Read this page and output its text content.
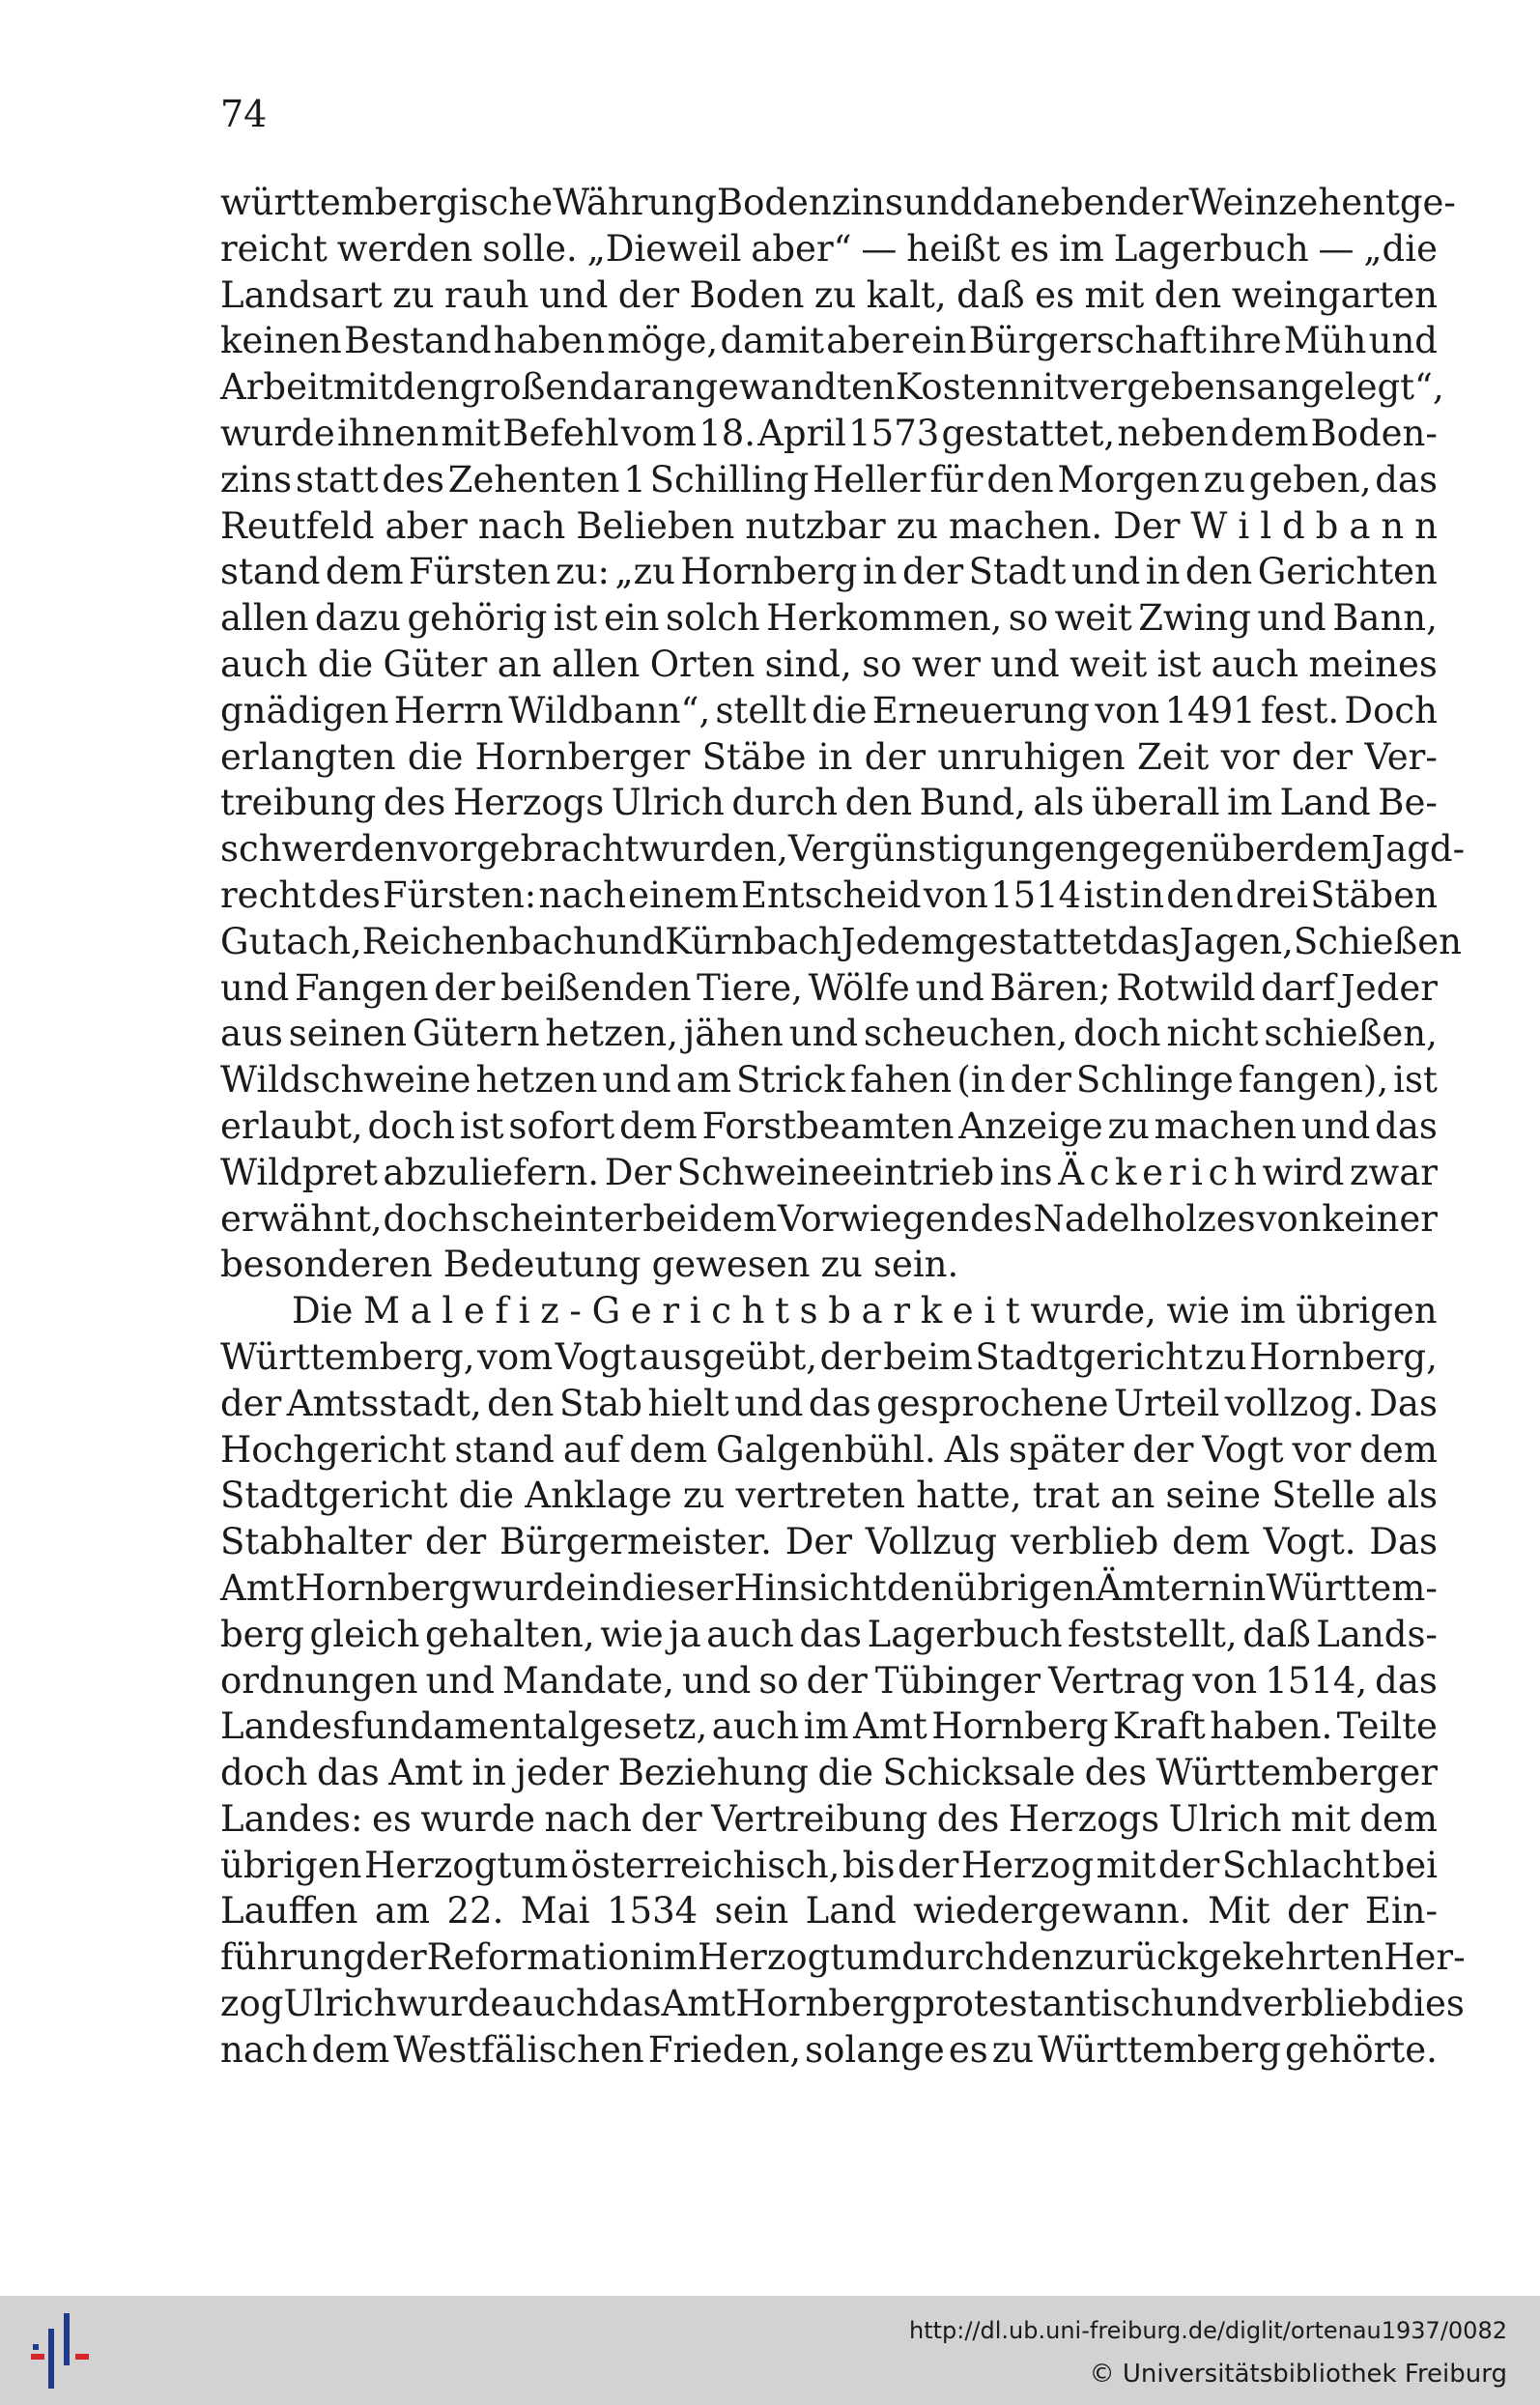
74
württembergische Währung Bodenzins und daneben der Weinzehent ge-
reicht werden solle. „Dieweil aber“ — heißt es im Lagerbuch — „die
Landsart zu rauh und der Boden zu kalt, daß es mit den weingarten
keinen Bestand haben möge, damit aber ein Bürgerschaft ihre Müh und
Arbeit mit den großen daran gewandten Kosten nit vergebens angelegt“,
wurde ihnen mit Befehl vom 18. April 1573 gestattet, neben dem Boden-
zins statt des Zehenten 1 Schilling Heller für den Morgen zu geben, das
Reutfeld aber nach Belieben nutzbar zu machen. Der W i l d b a n n
stand dem Fürsten zu: „zu Hornberg in der Stadt und in den Gerichten
allen dazu gehörig ist ein solch Herkommen, so weit Zwing und Bann,
auch die Güter an allen Orten sind, so wer und weit ist auch meines
gnädigen Herrn Wildbann“, stellt die Erneuerung von 1491 fest. Doch
erlangten die Hornberger Stäbe in der unruhigen Zeit vor der Ver-
treibung des Herzogs Ulrich durch den Bund, als überall im Land Be-
schwerden vorgebracht wurden, Vergünstigungen gegenüber dem Jagd-
recht des Fürsten: nach einem Entscheid von 1514 ist in den drei Stäben
Gutach, Reichenbach und Kürnbach Jedem gestattet das Jagen, Schießen
und Fangen der beißenden Tiere, Wölfe und Bären; Rotwild darf Jeder
aus seinen Gütern hetzen, jähen und scheuchen, doch nicht schießen,
Wildschweine hetzen und am Strick fahen (in der Schlinge fangen), ist
erlaubt, doch ist sofort dem Forstbeamten Anzeige zu machen und das
Wildpret abzuliefern. Der Schweineeintrieb ins Ä c k e r i c h wird zwar
erwähnt, doch scheint er bei dem Vorwiegen des Nadelholzes von keiner
besonderen Bedeutung gewesen zu sein.
Die M a l e f i z - G e r i c h t s b a r k e i t wurde, wie im übrigen
Württemberg, vom Vogt ausgeübt, der beim Stadtgericht zu Hornberg,
der Amtsstadt, den Stab hielt und das gesprochene Urteil vollzog. Das
Hochgericht stand auf dem Galgenbühl. Als später der Vogt vor dem
Stadtgericht die Anklage zu vertreten hatte, trat an seine Stelle als
Stabhalter der Bürgermeister. Der Vollzug verblieb dem Vogt. Das
Amt Hornberg wurde in dieser Hinsicht den übrigen Ämtern in Württem-
berg gleich gehalten, wie ja auch das Lagerbuch feststellt, daß Lands-
ordnungen und Mandate, und so der Tübinger Vertrag von 1514, das
Landesfundamentalgesetz, auch im Amt Hornberg Kraft haben. Teilte
doch das Amt in jeder Beziehung die Schicksale des Württemberger
Landes: es wurde nach der Vertreibung des Herzogs Ulrich mit dem
übrigen Herzogtum österreichisch, bis der Herzog mit der Schlacht bei
Lauffen am 22. Mai 1534 sein Land wiedergewann. Mit der Ein-
führung der Reformation im Herzogtum durch den zurückgekehrten Her-
zog Ulrich wurde auch das Amt Hornberg protestantisch und verblieb dies
nach dem Westfälischen Frieden, solange es zu Württemberg gehörte.
http://dl.ub.uni-freiburg.de/diglit/ortenau1937/0082
© Universitätsbibliothek Freiburg
